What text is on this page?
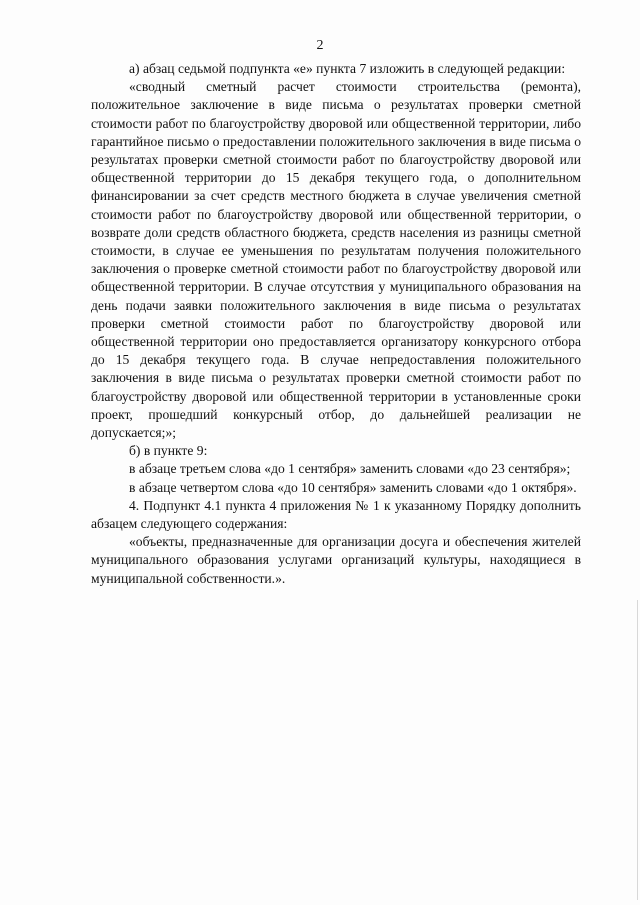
2

а) абзац седьмой подпункта «е» пункта 7 изложить в следующей редакции:

«сводный сметный расчет стоимости строительства (ремонта), положительное заключение в виде письма о результатах проверки сметной стоимости работ по благоустройству дворовой или общественной территории, либо гарантийное письмо о предоставлении положительного заключения в виде письма о результатах проверки сметной стоимости работ по благоустройству дворовой или общественной территории до 15 декабря текущего года, о дополнительном финансировании за счет средств местного бюджета в случае увеличения сметной стоимости работ по благоустройству дворовой или общественной территории, о возврате доли средств областного бюджета, средств населения из разницы сметной стоимости, в случае ее уменьшения по результатам получения положительного заключения о проверке сметной стоимости работ по благоустройству дворовой или общественной территории. В случае отсутствия у муниципального образования на день подачи заявки положительного заключения в виде письма о результатах проверки сметной стоимости работ по благоустройству дворовой или общественной территории оно предоставляется организатору конкурсного отбора до 15 декабря текущего года. В случае непредоставления положительного заключения в виде письма о результатах проверки сметной стоимости работ по благоустройству дворовой или общественной территории в установленные сроки проект, прошедший конкурсный отбор, до дальнейшей реализации не допускается;»;

б) в пункте 9:

в абзаце третьем слова «до 1 сентября» заменить словами «до 23 сентября»;

в абзаце четвертом слова «до 10 сентября» заменить словами «до 1 октября».

4. Подпункт 4.1 пункта 4 приложения № 1 к указанному Порядку дополнить абзацем следующего содержания:

«объекты, предназначенные для организации досуга и обеспечения жителей муниципального образования услугами организаций культуры, находящиеся в муниципальной собственности.».
